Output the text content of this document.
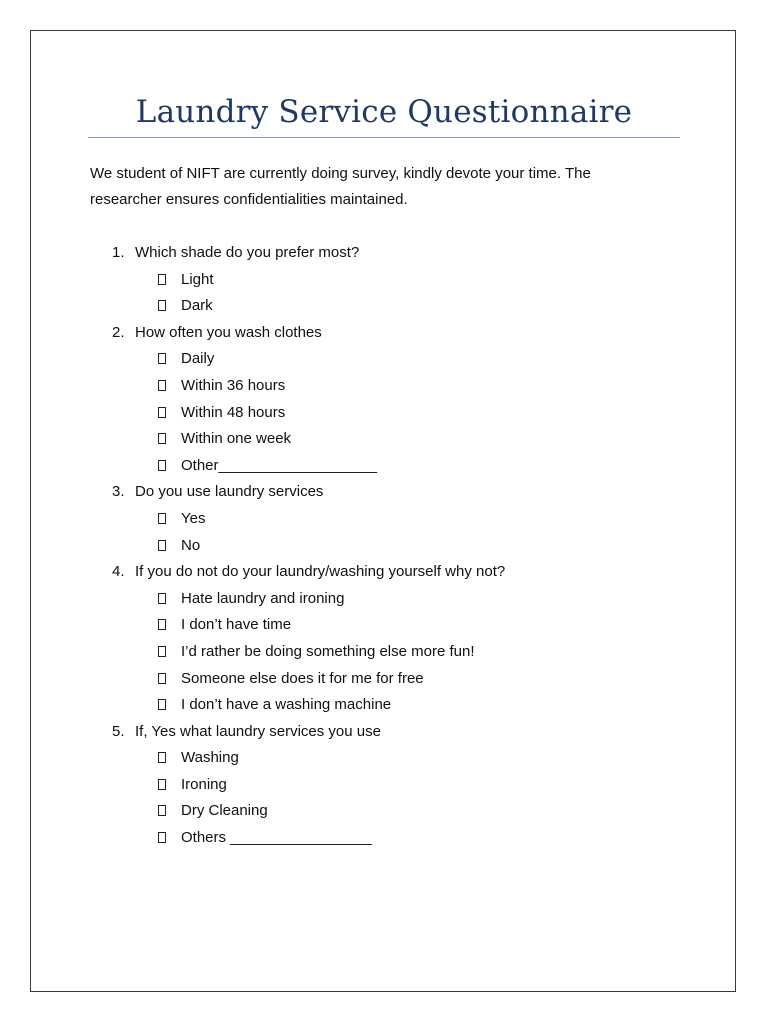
Laundry Service Questionnaire
We student of NIFT are currently doing survey, kindly devote your time. The
researcher ensures confidentialities maintained.
1. Which shade do you prefer most?
Light
Dark
2. How often you wash clothes
Daily
Within 36 hours
Within 48 hours
Within one week
Other___________________
3. Do you use laundry services
Yes
No
4. If you do not do your laundry/washing yourself why not?
Hate laundry and ironing
I don’t have time
I’d rather be doing something else more fun!
Someone else does it for me for free
I don’t have a washing machine
5. If, Yes what laundry services you use
Washing
Ironing
Dry Cleaning
Others _________________
